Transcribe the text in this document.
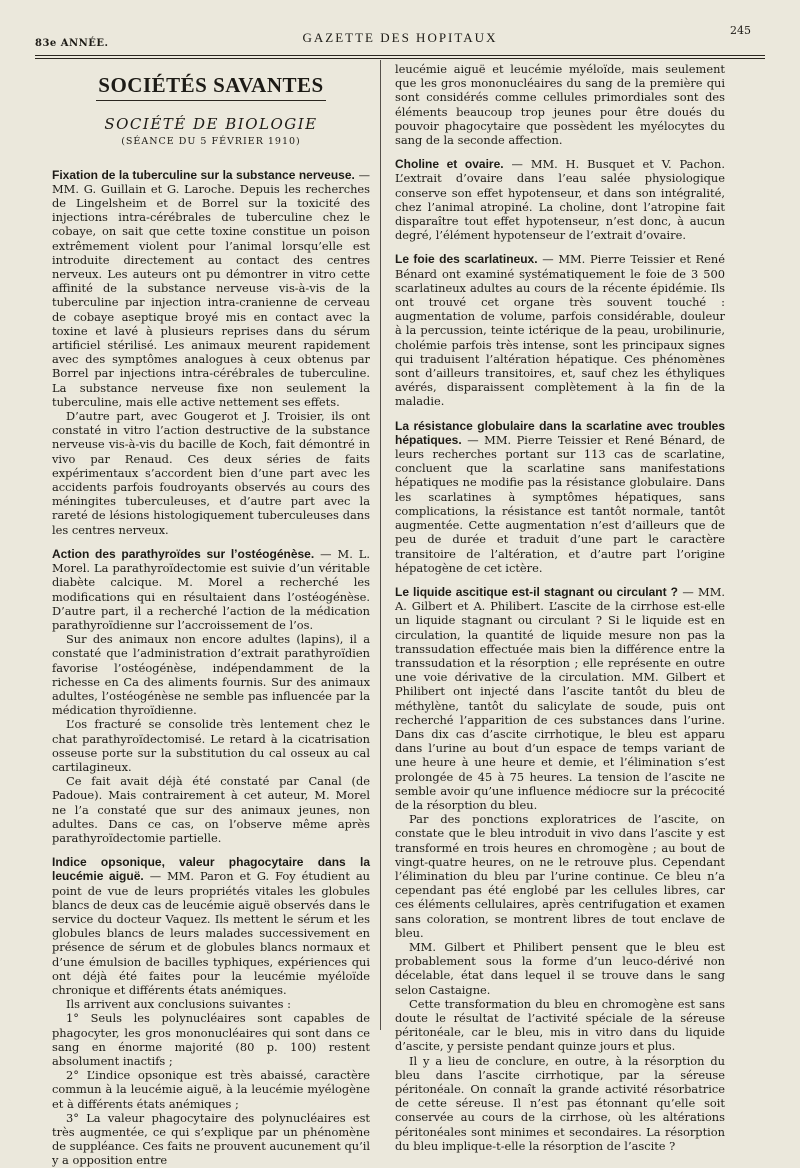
83e ANNÉE.	GAZETTE DES HOPITAUX	245
SOCIÉTÉS SAVANTES
SOCIÉTÉ DE BIOLOGIE
(SÉANCE DU 5 FÉVRIER 1910)

Fixation de la tuberculine sur la substance nerveuse. — MM. G. Guillain et G. Laroche. Depuis les recherches de Lingelsheim et de Borrel sur la toxicité des injections intra-cérébrales de tuberculine chez le cobaye, on sait que cette toxine constitue un poison extrêmement violent pour l’animal lorsqu’elle est introduite directement au contact des centres nerveux. Les auteurs ont pu démontrer in vitro cette affinité de la substance nerveuse vis-à-vis de la tuberculine par injection intra-cranienne de cerveau de cobaye aseptique broyé mis en contact avec la toxine et lavé à plusieurs reprises dans du sérum artificiel stérilisé. Les animaux meurent rapidement avec des symptômes analogues à ceux obtenus par Borrel par injections intra-cérébrales de tuberculine. La substance nerveuse fixe non seulement la tuberculine, mais elle active nettement ses effets.

D’autre part, avec Gougerot et J. Troisier, ils ont constaté in vitro l’action destructive de la substance nerveuse vis-à-vis du bacille de Koch, fait démontré in vivo par Renaud. Ces deux séries de faits expérimentaux s’accordent bien d’une part avec les accidents parfois foudroyants observés au cours des méningites tuberculeuses, et d’autre part avec la rareté de lésions histologiquement tuberculeuses dans les centres nerveux.

Action des parathyroïdes sur l’ostéogénèse. — M. L. Morel. La parathyroïdectomie est suivie d’un véritable diabète calcique. M. Morel a recherché les modifications qui en résultaient dans l’ostéogénèse. D’autre part, il a recherché l’action de la médication parathyroïdienne sur l’accroissement de l’os.

Sur des animaux non encore adultes (lapins), il a constaté que l’administration d’extrait parathyroïdien favorise l’ostéogénèse, indépendamment de la richesse en Ca des aliments fournis. Sur des animaux adultes, l’ostéogénèse ne semble pas influencée par la médication thyroïdienne.

L’os fracturé se consolide très lentement chez le chat parathyroïdectomisé. Le retard à la cicatrisation osseuse porte sur la substitution du cal osseux au cal cartilagineux.

Ce fait avait déjà été constaté par Canal (de Padoue). Mais contrairement à cet auteur, M. Morel ne l’a constaté que sur des animaux jeunes, non adultes. Dans ce cas, on l’observe même après parathyroïdectomie partielle.

Indice opsonique, valeur phagocytaire dans la leucémie aiguë. — MM. Paron et G. Foy étudient au point de vue de leurs propriétés vitales les globules blancs de deux cas de leucémie aiguë observés dans le service du docteur Vaquez. Ils mettent le sérum et les globules blancs de leurs malades successivement en présence de sérum et de globules blancs normaux et d’une émulsion de bacilles typhiques, expériences qui ont déjà été faites pour la leucémie myéloïde chronique et différents états anémiques.

Ils arrivent aux conclusions suivantes :

1° Seuls les polynucléaires sont capables de phagocyter, les gros mononucléaires qui sont dans ce sang en énorme majorité (80 p. 100) restent absolument inactifs ;

2° L’indice opsonique est très abaissé, caractère commun à la leucémie aiguë, à la leucémie myélogène et à différents états anémiques ;

3° La valeur phagocytaire des polynucléaires est très augmentée, ce qui s’explique par un phénomène de suppléance. Ces faits ne prouvent aucunement qu’il y a opposition entre

leucémie aiguë et leucémie myéloïde, mais seulement que les gros mononucléaires du sang de la première qui sont considérés comme cellules primordiales sont des éléments beaucoup trop jeunes pour être doués du pouvoir phagocytaire que possèdent les myélocytes du sang de la seconde affection.

Choline et ovaire. — MM. H. Busquet et V. Pachon. L’extrait d’ovaire dans l’eau salée physiologique conserve son effet hypotenseur, et dans son intégralité, chez l’animal atropiné. La choline, dont l’atropine fait disparaître tout effet hypotenseur, n’est donc, à aucun degré, l’élément hypotenseur de l’extrait d’ovaire.

Le foie des scarlatineux. — MM. Pierre Teissier et René Bénard ont examiné systématiquement le foie de 3 500 scarlatineux adultes au cours de la récente épidémie. Ils ont trouvé cet organe très souvent touché : augmentation de volume, parfois considérable, douleur à la percussion, teinte ictérique de la peau, urobilinurie, cholémie parfois très intense, sont les principaux signes qui traduisent l’altération hépatique. Ces phénomènes sont d’ailleurs transitoires, et, sauf chez les éthyliques avérés, disparaissent complètement à la fin de la maladie.

La résistance globulaire dans la scarlatine avec troubles hépatiques. — MM. Pierre Teissier et René Bénard, de leurs recherches portant sur 113 cas de scarlatine, concluent que la scarlatine sans manifestations hépatiques ne modifie pas la résistance globulaire. Dans les scarlatines à symptômes hépatiques, sans complications, la résistance est tantôt normale, tantôt augmentée. Cette augmentation n’est d’ailleurs que de peu de durée et traduit d’une part le caractère transitoire de l’altération, et d’autre part l’origine hépatogène de cet ictère.

Le liquide ascitique est-il stagnant ou circulant ? — MM. A. Gilbert et A. Philibert. L’ascite de la cirrhose est-elle un liquide stagnant ou circulant ? Si le liquide est en circulation, la quantité de liquide mesure non pas la transsudation effectuée mais bien la différence entre la transsudation et la résorption ; elle représente en outre une voie dérivative de la circulation. MM. Gilbert et Philibert ont injecté dans l’ascite tantôt du bleu de méthylène, tantôt du salicylate de soude, puis ont recherché l’apparition de ces substances dans l’urine. Dans dix cas d’ascite cirrhotique, le bleu est apparu dans l’urine au bout d’un espace de temps variant de une heure à une heure et demie, et l’élimination s’est prolongée de 45 à 75 heures. La tension de l’ascite ne semble avoir qu’une influence médiocre sur la précocité de la résorption du bleu.

Par des ponctions exploratrices de l’ascite, on constate que le bleu introduit in vivo dans l’ascite y est transformé en trois heures en chromogène ; au bout de vingt-quatre heures, on ne le retrouve plus. Cependant l’élimination du bleu par l’urine continue. Ce bleu n’a cependant pas été englobé par les cellules libres, car ces éléments cellulaires, après centrifugation et examen sans coloration, se montrent libres de tout enclave de bleu.

MM. Gilbert et Philibert pensent que le bleu est probablement sous la forme d’un leuco-dérivé non décelable, état dans lequel il se trouve dans le sang selon Castaigne.

Cette transformation du bleu en chromogène est sans doute le résultat de l’activité spéciale de la séreuse péritonéale, car le bleu, mis in vitro dans du liquide d’ascite, y persiste pendant quinze jours et plus.

Il y a lieu de conclure, en outre, à la résorption du bleu dans l’ascite cirrhotique, par la séreuse péritonéale. On connaît la grande activité résorbatrice de cette séreuse. Il n’est pas étonnant qu’elle soit conservée au cours de la cirrhose, où les altérations péritonéales sont minimes et secondaires. La résorption du bleu implique-t-elle la résorption de l’ascite ?
